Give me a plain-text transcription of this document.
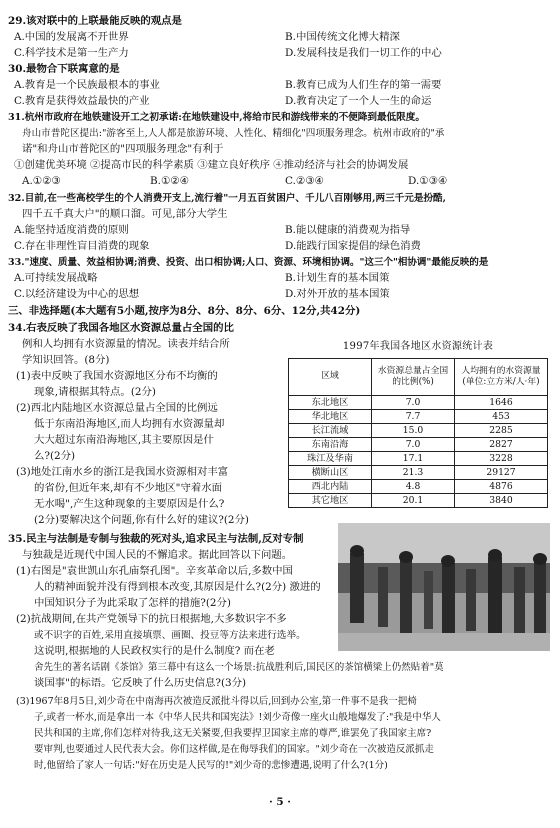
29.该对联中的上联最能反映的观点是
A.中国的发展离不开世界	B.中国传统文化博大精深
C.科学技术是第一生产力	D.发展科技是我们一切工作的中心
30.最物合下联寓意的是
A.教育是一个民族最根本的事业	B.教育已成为人们生存的第一需要
C.教育是获得效益最快的产业	D.教育决定了一个人一生的命运
31.杭州市政府在地铁建设开工之初承诺:在地铁建设中,将给市民和游线带来的不便降到最低限度。
舟山市普陀区提出:"游客至上,人人都是旅游环境、人性化、精细化"四项服务理念。杭州市政府的"承
诺"和舟山市普陀区的"四项服务理念"有利于
①创建优美环境 ②提高市民的科学素质 ③建立良好秩序 ④推动经济与社会的协调发展
A.①②③	B.①②④	C.②③④	D.①③④
32.目前,在一些高校学生的个人消费开支上,流行着"一月五百贫困户、千儿八百刚够用,两三千元是扮酷,
四千五千真大户"的顺口溜。可见,部分大学生
A.能坚持适度消费的原则	B.能以健康的消费观为指导
C.存在非理性盲目消费的现象	D.能践行国家提倡的绿色消费
33."速度、质量、效益相协调;消费、投资、出口相协调;人口、资源、环境相协调。"这三个"相协调"最能反映的是
A.可持续发展战略	B.计划生育的基本国策
C.以经济建设为中心的思想	D.对外开放的基本国策
三、非选择题(本大题有5小题,按序为8分、8分、8分、6分、12分,共42分)
34.右表反映了我国各地区水资源总量占全国的比
例和人均拥有水资源量的情况。读表并结合所
学知识回答。(8分)
(1)表中反映了我国水资源地区分布不均衡的
现象,请根据其特点。(2分)
(2)西北内陆地区水资源总量占全国的比例远
低于东南沿海地区,而人均拥有水资源量却
大大超过东南沿海地区,其主要原因是什
么?(2分)
(3)地处江南水乡的浙江是我国水资源相对丰富
的省份,但近年来,却有不少地区"守着水面
无水喝",产生这种现象的主要原因是什么?
(2分)要解决这个问题,你有什么好的建议?(2分)
1997年我国各地区水资源统计表
区域	水资源总量占全国的比例(%)	人均拥有的水资源量(单位:立方米/人·年)
东北地区	7.0	1646
华北地区	7.7	453
长江流域	15.0	2285
东南沿海	7.0	2827
珠江及华南	17.1	3228
横断山区	21.3	29127
西北内陆	4.8	4876
其它地区	20.1	3840
35.民主与法制是专制与独裁的死对头,追求民主与法制,反对专制
与独裁是近现代中国人民的不懈追求。据此回答以下问题。
(1)右图是"袁世凯山东孔庙祭孔图"。辛亥革命以后,多数中国
人的精神面貌并没有得到根本改变,其原因是什么?(2分) 激进的
中国知识分子为此采取了怎样的措施?(2分)
(2)抗战期间,在共产党领导下的抗日根据地,大多数识字不多
或不识字的百姓,采用直接填票、画圈、投豆等方法来进行选举。
这说明,根据地的人民政权实行的是什么制度? 而在老
舍先生的著名话剧《茶馆》第三幕中有这么一个场景:抗战胜利后,国民区的茶馆横梁上仍然贴着"莫
谈国事"的标语。它反映了什么历史信息?(3分)
(3)1967年8月5日,刘少奇在中南海再次被造反派批斗得以后,回到办公室,第一件事不是我一把椅
子,或者一杯水,而是拿出一本《中华人民共和国宪法》!刘少奇像一座火山般地爆发了:"我是中华人
民共和国的主席,你们怎样对待我,这无关紧要,但我要捍卫国家主席的尊严,谁罢免了我国家主席?
要审判,也要通过人民代表大会。你们这样做,是在侮辱我们的国家。"刘少奇在一次被造反派抓走
时,他留给了家人一句话:"好在历史是人民写的!"刘少奇的悲惨遭遇,说明了什么?(1分)
· 5 ·
